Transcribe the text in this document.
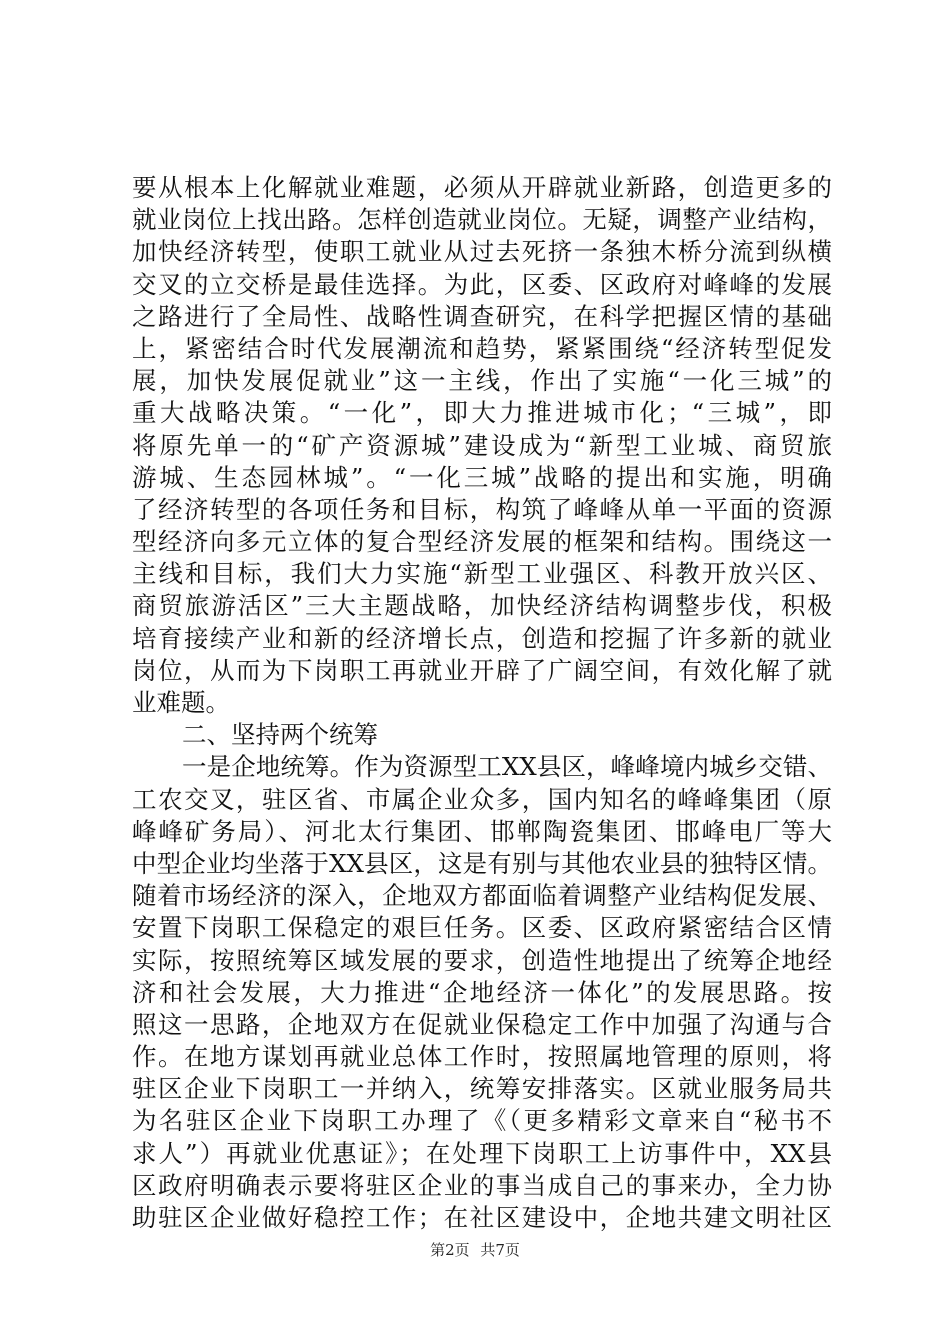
要从根本上化解就业难题，必须从开辟就业新路，创造更多的
就业岗位上找出路。怎样创造就业岗位。无疑，调整产业结构，
加快经济转型，使职工就业从过去死挤一条独木桥分流到纵横
交叉的立交桥是最佳选择。为此，区委、区政府对峰峰的发展
之路进行了全局性、战略性调查研究，在科学把握区情的基础
上，紧密结合时代发展潮流和趋势，紧紧围绕“经济转型促发
展，加快发展促就业”这一主线，作出了实施“一化三城”的
重大战略决策。“一化”，即大力推进城市化；“三城”，即
将原先单一的“矿产资源城”建设成为“新型工业城、商贸旅
游城、生态园林城”。“一化三城”战略的提出和实施，明确
了经济转型的各项任务和目标，构筑了峰峰从单一平面的资源
型经济向多元立体的复合型经济发展的框架和结构。围绕这一
主线和目标，我们大力实施“新型工业强区、科教开放兴区、
商贸旅游活区”三大主题战略，加快经济结构调整步伐，积极
培育接续产业和新的经济增长点，创造和挖掘了许多新的就业
岗位，从而为下岗职工再就业开辟了广阔空间，有效化解了就
业难题。
二、坚持两个统筹
一是企地统筹。作为资源型工XX县区，峰峰境内城乡交错、
工农交叉，驻区省、市属企业众多，国内知名的峰峰集团（原
峰峰矿务局）、河北太行集团、邯郸陶瓷集团、邯峰电厂等大
中型企业均坐落于XX县区，这是有别与其他农业县的独特区情。
随着市场经济的深入，企地双方都面临着调整产业结构促发展、
安置下岗职工保稳定的艰巨任务。区委、区政府紧密结合区情
实际，按照统筹区域发展的要求，创造性地提出了统筹企地经
济和社会发展，大力推进“企地经济一体化”的发展思路。按
照这一思路，企地双方在促就业保稳定工作中加强了沟通与合
作。在地方谋划再就业总体工作时，按照属地管理的原则，将
驻区企业下岗职工一并纳入，统筹安排落实。区就业服务局共
为名驻区企业下岗职工办理了《（更多精彩文章来自“秘书不
求人”）再就业优惠证》；在处理下岗职工上访事件中，XX县
区政府明确表示要将驻区企业的事当成自己的事来办，全力协
助驻区企业做好稳控工作；在社区建设中，企地共建文明社区
第2页 共7页
